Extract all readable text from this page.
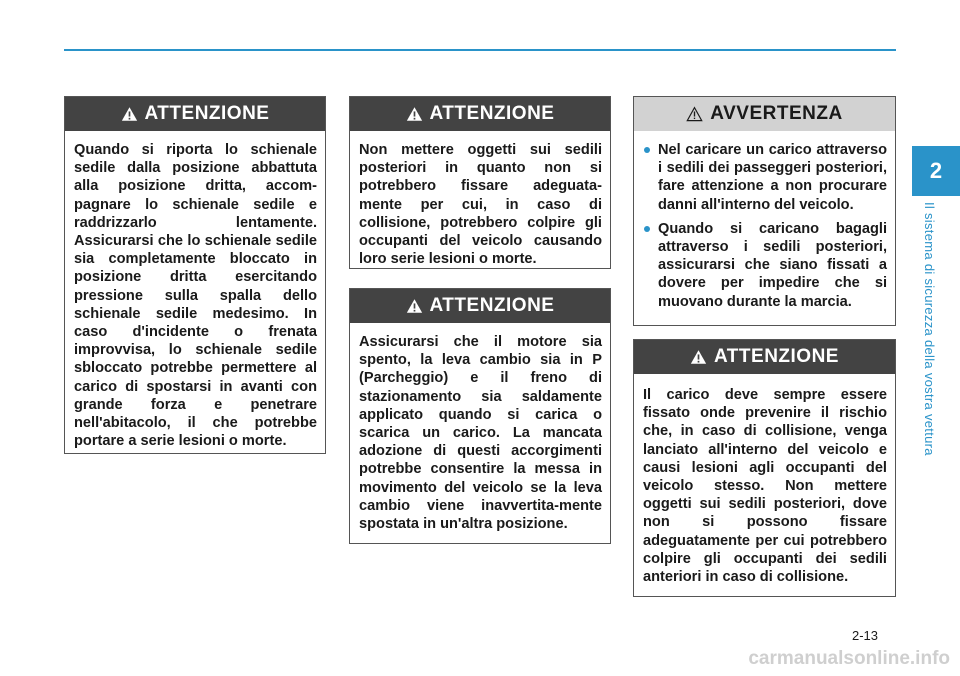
2
Il sistema di sicurezza della vostra vettura
ATTENZIONE
Quando si riporta lo schienale sedile dalla posizione abbattuta alla posizione dritta, accom-pagnare lo schienale sedile e raddrizzarlo lentamente. Assicurarsi che lo schienale sedile sia completamente bloccato in posizione dritta esercitando pressione sulla spalla dello schienale sedile medesimo. In caso d'incidente o frenata improvvisa, lo schienale sedile sbloccato potrebbe permettere al carico di spostarsi in avanti con grande forza e penetrare nell'abitacolo, il che potrebbe portare a serie lesioni o morte.
ATTENZIONE
Non mettere oggetti sui sedili posteriori in quanto non si potrebbero fissare adeguata-mente per cui, in caso di collisione, potrebbero colpire gli occupanti del veicolo causando loro serie lesioni o morte.
ATTENZIONE
Assicurarsi che il motore sia spento, la leva cambio sia in P (Parcheggio) e il freno di stazionamento sia saldamente applicato quando si carica o scarica un carico. La mancata adozione di questi accorgimenti potrebbe consentire la messa in movimento del veicolo se la leva cambio viene inavvertita-mente spostata in un'altra posizione.
AVVERTENZA
Nel caricare un carico attraverso i sedili dei passeggeri posteriori, fare attenzione a non procurare danni all'interno del veicolo.
Quando si caricano bagagli attraverso i sedili posteriori, assicurarsi che siano fissati a dovere per impedire che si muovano durante la marcia.
ATTENZIONE
Il carico deve sempre essere fissato onde prevenire il rischio che, in caso di collisione, venga lanciato all'interno del veicolo e causi lesioni agli occupanti del veicolo stesso. Non mettere oggetti sui sedili posteriori, dove non si possono fissare adeguatamente per cui potrebbero colpire gli occupanti dei sedili anteriori in caso di collisione.
2-13
carmanualsonline.info
